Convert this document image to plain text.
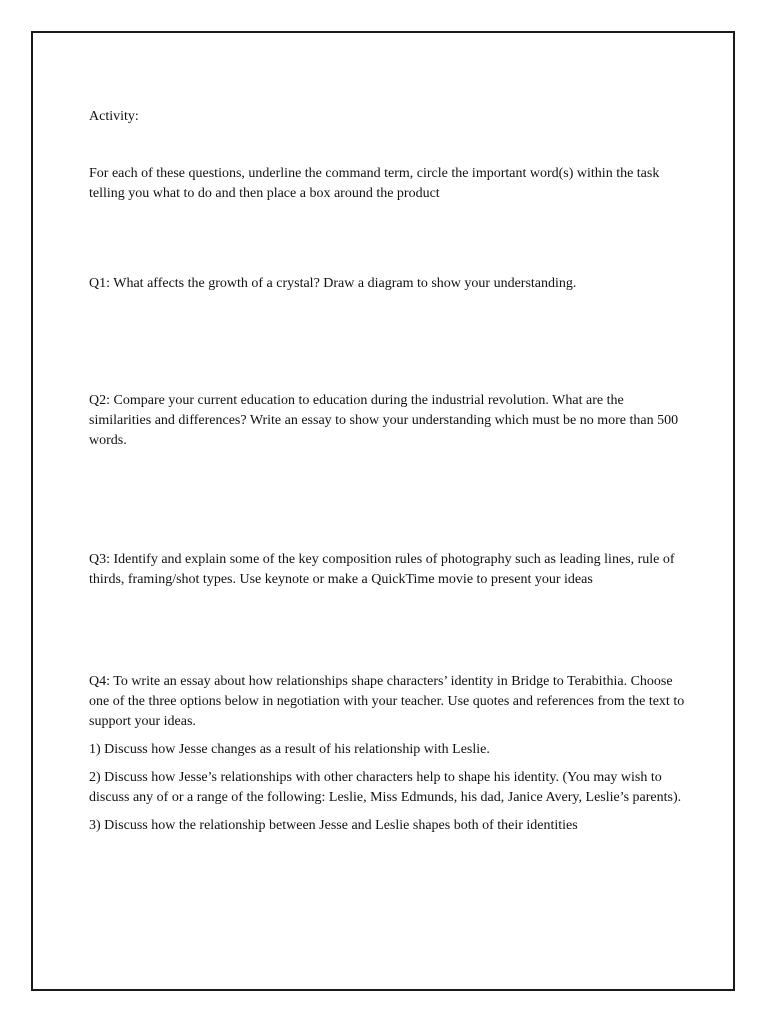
Activity:

For each of these questions, underline the command term, circle the important word(s) within the task telling you what to do and then place a box around the product

Q1: What affects the growth of a crystal? Draw a diagram to show your understanding.

Q2: Compare your current education to education during the industrial revolution. What are the similarities and differences? Write an essay to show your understanding which must be no more than 500 words.

Q3: Identify and explain some of the key composition rules of photography such as leading lines, rule of thirds, framing/shot types. Use keynote or make a QuickTime movie to present your ideas

Q4: To write an essay about how relationships shape characters’ identity in Bridge to Terabithia. Choose one of the three options below in negotiation with your teacher. Use quotes and references from the text to support your ideas.

1) Discuss how Jesse changes as a result of his relationship with Leslie.

2) Discuss how Jesse’s relationships with other characters help to shape his identity. (You may wish to discuss any of or a range of the following: Leslie, Miss Edmunds, his dad, Janice Avery, Leslie’s parents).

3) Discuss how the relationship between Jesse and Leslie shapes both of their identities
